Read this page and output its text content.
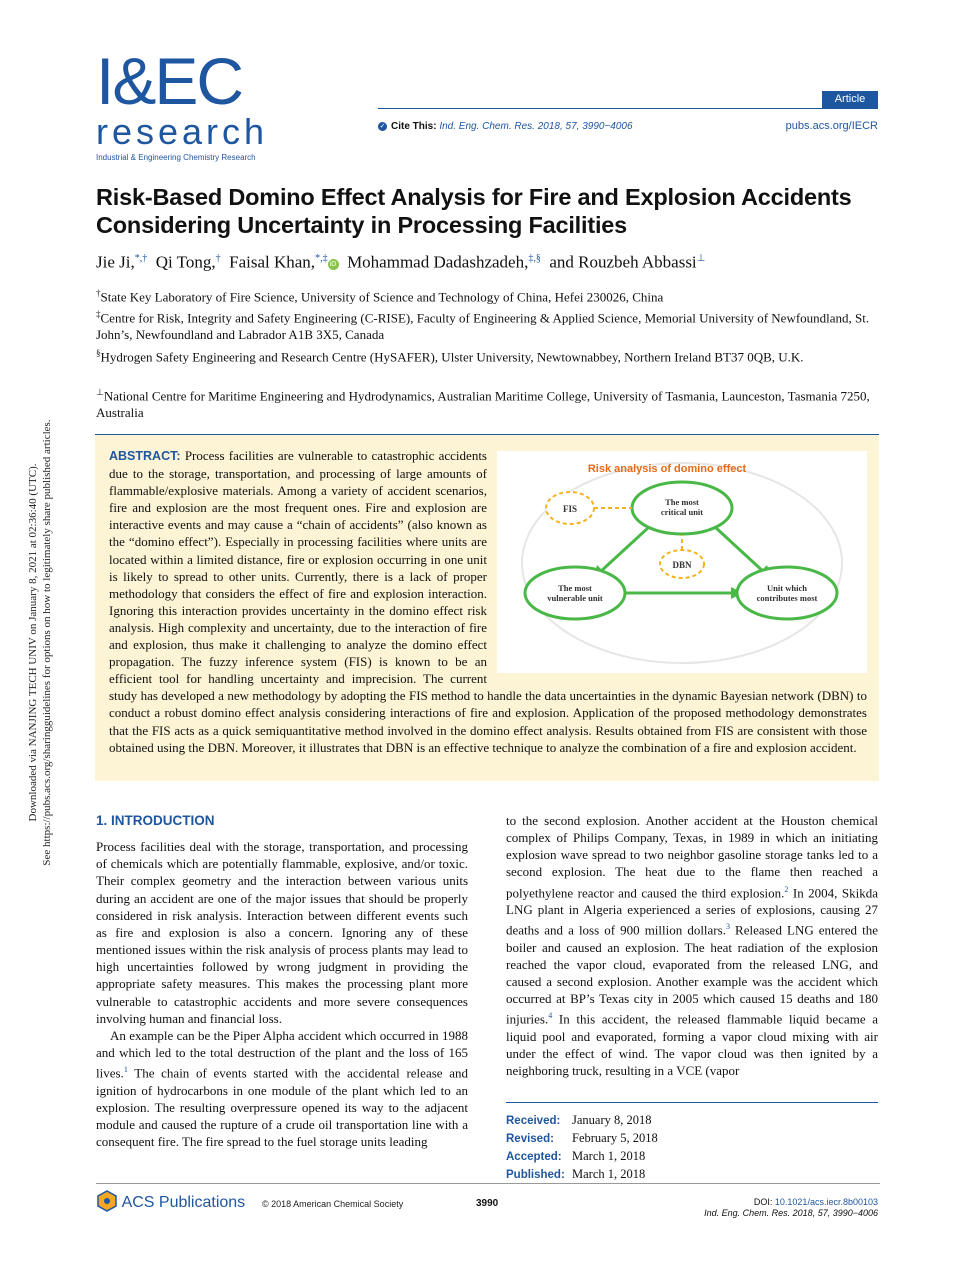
I&EC
research
Industrial & Engineering Chemistry Research
Article
✓ Cite This: Ind. Eng. Chem. Res. 2018, 57, 3990−4006	pubs.acs.org/IECR
Risk-Based Domino Effect Analysis for Fire and Explosion Accidents Considering Uncertainty in Processing Facilities
Jie Ji,*,† Qi Tong,† Faisal Khan,*,‡iD Mohammad Dadashzadeh,‡,§ and Rouzbeh Abbassi⊥
†State Key Laboratory of Fire Science, University of Science and Technology of China, Hefei 230026, China
‡Centre for Risk, Integrity and Safety Engineering (C-RISE), Faculty of Engineering & Applied Science, Memorial University of Newfoundland, St. John’s, Newfoundland and Labrador A1B 3X5, Canada
§Hydrogen Safety Engineering and Research Centre (HySAFER), Ulster University, Newtownabbey, Northern Ireland BT37 0QB, U.K.
⊥National Centre for Maritime Engineering and Hydrodynamics, Australian Maritime College, University of Tasmania, Launceston, Tasmania 7250, Australia
Downloaded via NANJING TECH UNIV on January 8, 2021 at 02:36:40 (UTC). See https://pubs.acs.org/sharingguidelines for options on how to legitimately share published articles.	Risk analysis of domino effect
The most critical unit
The most vulnerable unit
Unit which contributes most
FIS
DBN
ABSTRACT: Process facilities are vulnerable to catastrophic accidents due to the storage, transportation, and processing of large amounts of flammable/explosive materials. Among a variety of accident scenarios, fire and explosion are the most frequent ones. Fire and explosion are interactive events and may cause a “chain of accidents” (also known as the “domino effect”). Especially in processing facilities where units are located within a limited distance, fire or explosion occurring in one unit is likely to spread to other units. Currently, there is a lack of proper methodology that considers the effect of fire and explosion interaction. Ignoring this interaction provides uncertainty in the domino effect risk analysis. High complexity and uncertainty, due to the interaction of fire and explosion, thus make it challenging to analyze the domino effect propagation. The fuzzy inference system (FIS) is known to be an efficient tool for handling uncertainty and imprecision. The current study has developed a new methodology by adopting the FIS method to handle the data uncertainties in the dynamic Bayesian network (DBN) to conduct a robust domino effect analysis considering interactions of fire and explosion. Application of the proposed methodology demonstrates that the FIS acts as a quick semiquantitative method involved in the domino effect analysis. Results obtained from FIS are consistent with those obtained using the DBN. Moreover, it illustrates that DBN is an effective technique to analyze the combination of a fire and explosion accident.
1. INTRODUCTION

Process facilities deal with the storage, transportation, and processing of chemicals which are potentially flammable, explosive, and/or toxic. Their complex geometry and the interaction between various units during an accident are one of the major issues that should be properly considered in risk analysis. Interaction between different events such as fire and explosion is also a concern. Ignoring any of these mentioned issues within the risk analysis of process plants may lead to high uncertainties followed by wrong judgment in providing the appropriate safety measures. This makes the processing plant more vulnerable to catastrophic accidents and more severe consequences involving human and financial loss.

An example can be the Piper Alpha accident which occurred in 1988 and which led to the total destruction of the plant and the loss of 165 lives.$^1$ The chain of events started with the accidental release and ignition of hydrocarbons in one module of the plant which led to an explosion. The resulting overpressure opened its way to the adjacent module and caused the rupture of a crude oil transportation line with a consequent fire. The fire spread to the fuel storage units leading

to the second explosion. Another accident at the Houston chemical complex of Philips Company, Texas, in 1989 in which an initiating explosion wave spread to two neighbor gasoline storage tanks led to a second explosion. The heat due to the flame then reached a polyethylene reactor and caused the third explosion.$^2$ In 2004, Skikda LNG plant in Algeria experienced a series of explosions, causing 27 deaths and a loss of 900 million dollars.$^3$ Released LNG entered the boiler and caused an explosion. The heat radiation of the explosion reached the vapor cloud, evaporated from the released LNG, and caused a second explosion. Another example was the accident which occurred at BP’s Texas city in 2005 which caused 15 deaths and 180 injuries.$^4$ In this accident, the released flammable liquid became a liquid pool and evaporated, forming a vapor cloud mixing with air under the effect of wind. The vapor cloud was then ignited by a neighboring truck, resulting in a VCE (vapor

Received: January 8, 2018
Revised: February 5, 2018
Accepted: March 1, 2018
Published: March 1, 2018
ACS Publications © 2018 American Chemical Society	3990	DOI: 10.1021/acs.iecr.8b00103
Ind. Eng. Chem. Res. 2018, 57, 3990−4006
